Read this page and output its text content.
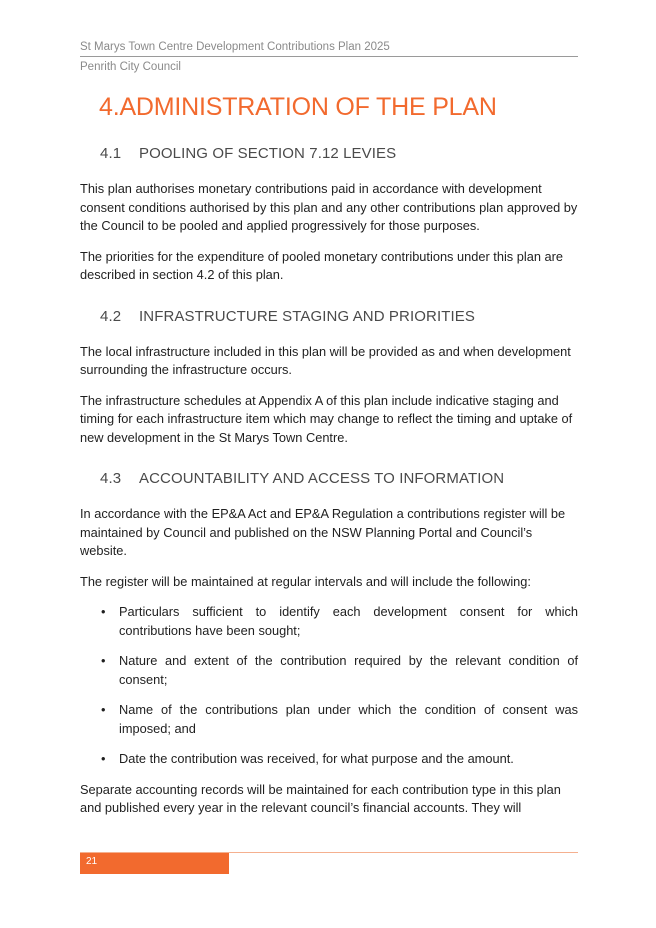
St Marys Town Centre Development Contributions Plan 2025
Penrith City Council
4.ADMINISTRATION OF THE PLAN
4.1	POOLING OF SECTION 7.12 LEVIES

This plan authorises monetary contributions paid in accordance with development consent conditions authorised by this plan and any other contributions plan approved by the Council to be pooled and applied progressively for those purposes.

The priorities for the expenditure of pooled monetary contributions under this plan are described in section 4.2 of this plan.

4.2	INFRASTRUCTURE STAGING AND PRIORITIES

The local infrastructure included in this plan will be provided as and when development surrounding the infrastructure occurs.

The infrastructure schedules at Appendix A of this plan include indicative staging and timing for each infrastructure item which may change to reflect the timing and uptake of new development in the St Marys Town Centre.

4.3	ACCOUNTABILITY AND ACCESS TO INFORMATION

In accordance with the EP&A Act and EP&A Regulation a contributions register will be maintained by Council and published on the NSW Planning Portal and Council’s website.

The register will be maintained at regular intervals and will include the following:

• Particulars sufficient to identify each development consent for which contributions have been sought;
• Nature and extent of the contribution required by the relevant condition of consent;
• Name of the contributions plan under which the condition of consent was imposed; and
• Date the contribution was received, for what purpose and the amount.

Separate accounting records will be maintained for each contribution type in this plan and published every year in the relevant council’s financial accounts. They will

21
